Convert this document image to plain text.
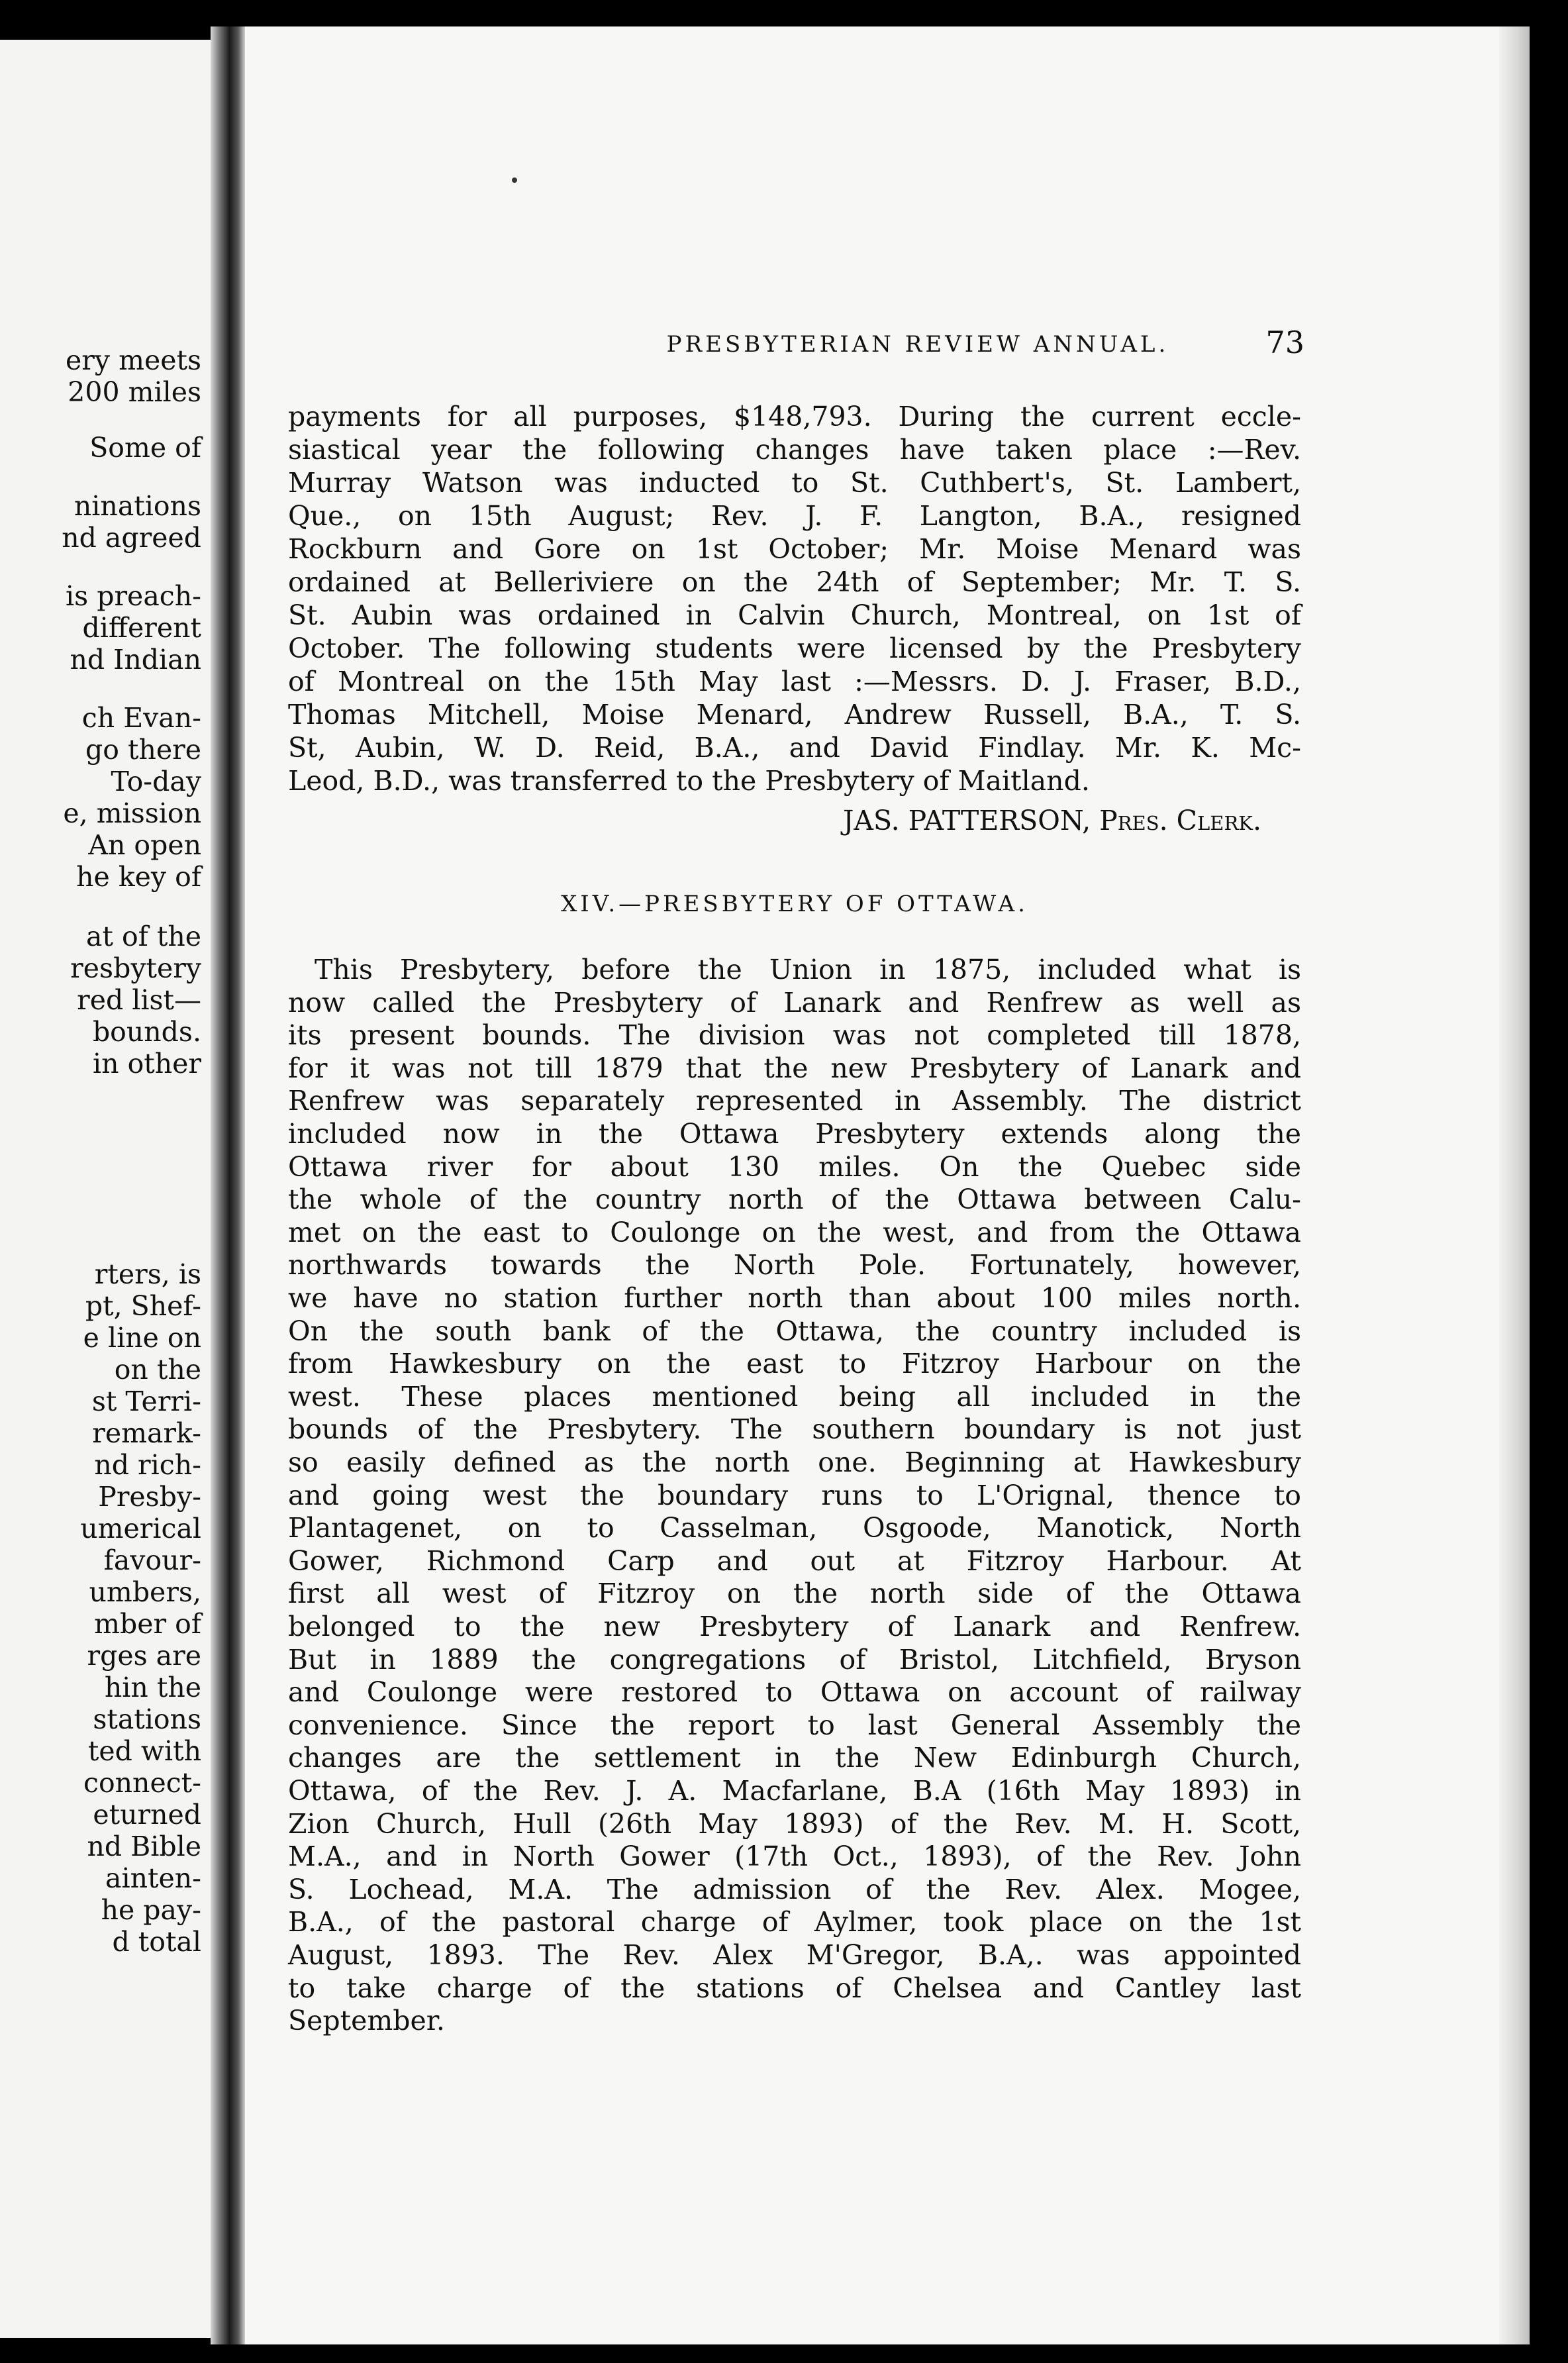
ery meets
200 miles
Some of
ninations
nd agreed
is preach-
different
nd Indian
ch Evan-
go there
To-day
e, mission
An open
he key of
at of the
resbytery
red list—
bounds.
in other
rters, is
pt, Shef-
e line on
on the
st Terri-
remark-
nd rich-
Presby-
umerical
favour-
umbers,
mber of
rges are
hin the
stations
ted with
connect-
eturned
nd Bible
ainten-
he pay-
d total
PRESBYTERIAN REVIEW ANNUAL.	73
payments for all purposes, $148,793. During the current eccle-
siastical year the following changes have taken place :—Rev.
Murray Watson was inducted to St. Cuthbert's, St. Lambert,
Que., on 15th August; Rev. J. F. Langton, B.A., resigned
Rockburn and Gore on 1st October; Mr. Moise Menard was
ordained at Belleriviere on the 24th of September; Mr. T. S.
St. Aubin was ordained in Calvin Church, Montreal, on 1st of
October. The following students were licensed by the Presbytery
of Montreal on the 15th May last :—Messrs. D. J. Fraser, B.D.,
Thomas Mitchell, Moise Menard, Andrew Russell, B.A., T. S.
St, Aubin, W. D. Reid, B.A., and David Findlay. Mr. K. Mc-
Leod, B.D., was transferred to the Presbytery of Maitland.
JAS. PATTERSON, Pres. Clerk.
This Presbytery, before the Union in 1875, included what is
now called the Presbytery of Lanark and Renfrew as well as
its present bounds. The division was not completed till 1878,
for it was not till 1879 that the new Presbytery of Lanark and
Renfrew was separately represented in Assembly. The district
included now in the Ottawa Presbytery extends along the
Ottawa river for about 130 miles. On the Quebec side
the whole of the country north of the Ottawa between Calu-
met on the east to Coulonge on the west, and from the Ottawa
northwards towards the North Pole. Fortunately, however,
we have no station further north than about 100 miles north.
On the south bank of the Ottawa, the country included is
from Hawkesbury on the east to Fitzroy Harbour on the
west. These places mentioned being all included in the
bounds of the Presbytery. The southern boundary is not just
so easily defined as the north one. Beginning at Hawkesbury
and going west the boundary runs to L'Orignal, thence to
Plantagenet, on to Casselman, Osgoode, Manotick, North
Gower, Richmond Carp and out at Fitzroy Harbour. At
first all west of Fitzroy on the north side of the Ottawa
belonged to the new Presbytery of Lanark and Renfrew.
But in 1889 the congregations of Bristol, Litchfield, Bryson
and Coulonge were restored to Ottawa on account of railway
convenience. Since the report to last General Assembly the
changes are the settlement in the New Edinburgh Church,
Ottawa, of the Rev. J. A. Macfarlane, B.A (16th May 1893) in
Zion Church, Hull (26th May 1893) of the Rev. M. H. Scott,
M.A., and in North Gower (17th Oct., 1893), of the Rev. John
S. Lochead, M.A. The admission of the Rev. Alex. Mogee,
B.A., of the pastoral charge of Aylmer, took place on the 1st
August, 1893. The Rev. Alex M'Gregor, B.A,. was appointed
to take charge of the stations of Chelsea and Cantley last
September.
XIV.—PRESBYTERY OF OTTAWA.
